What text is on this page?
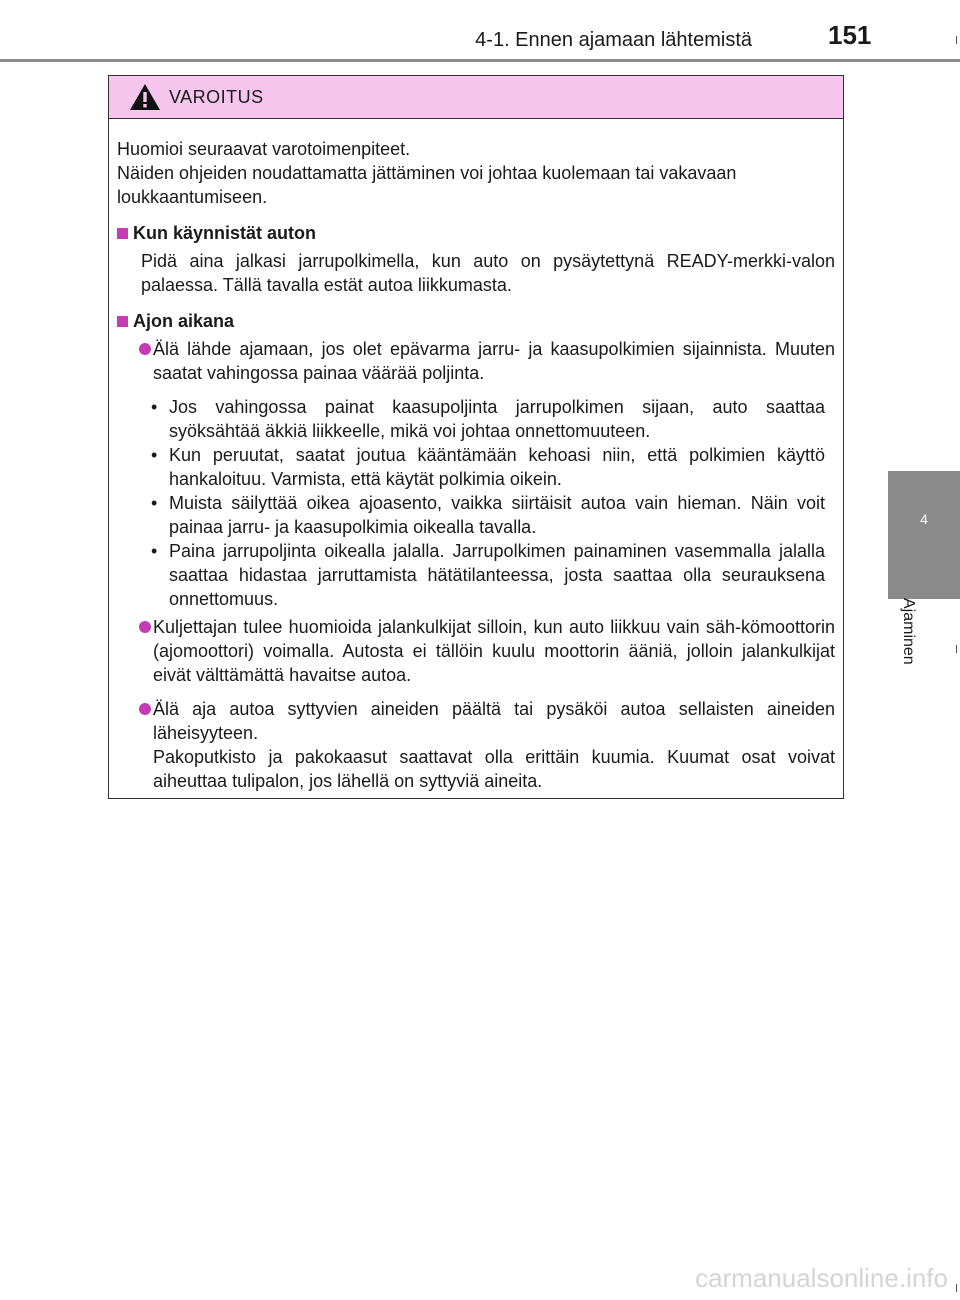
4-1. Ennen ajamaan lähtemistä	151
4
Ajaminen
VAROITUS

Huomioi seuraavat varotoimenpiteet.

Näiden ohjeiden noudattamatta jättäminen voi johtaa kuolemaan tai vakavaan loukkaantumiseen.

Kun käynnistät auton
Pidä aina jalkasi jarrupolkimella, kun auto on pysäytettynä READY-merkki-valon palaessa. Tällä tavalla estät autoa liikkumasta.
Ajon aikana

Älä lähde ajamaan, jos olet epävarma jarru- ja kaasupolkimien sijainnista. Muuten saatat vahingossa painaa väärää poljinta.

• Jos vahingossa painat kaasupoljinta jarrupolkimen sijaan, auto saattaa syöksähtää äkkiä liikkeelle, mikä voi johtaa onnettomuuteen.
• Kun peruutat, saatat joutua kääntämään kehoasi niin, että polkimien käyttö hankaloituu. Varmista, että käytät polkimia oikein.
• Muista säilyttää oikea ajoasento, vaikka siirtäisit autoa vain hieman. Näin voit painaa jarru- ja kaasupolkimia oikealla tavalla.
• Paina jarrupoljinta oikealla jalalla. Jarrupolkimen painaminen vasemmalla jalalla saattaa hidastaa jarruttamista hätätilanteessa, josta saattaa olla seurauksena onnettomuus.

Kuljettajan tulee huomioida jalankulkijat silloin, kun auto liikkuu vain säh-kömoottorin (ajomoottori) voimalla. Autosta ei tällöin kuulu moottorin ääniä, jolloin jalankulkijat eivät välttämättä havaitse autoa.

Älä aja autoa syttyvien aineiden päältä tai pysäköi autoa sellaisten aineiden läheisyyteen.

Pakoputkisto ja pakokaasut saattavat olla erittäin kuumia. Kuumat osat voivat aiheuttaa tulipalon, jos lähellä on syttyviä aineita.

carmanualsonline.info
